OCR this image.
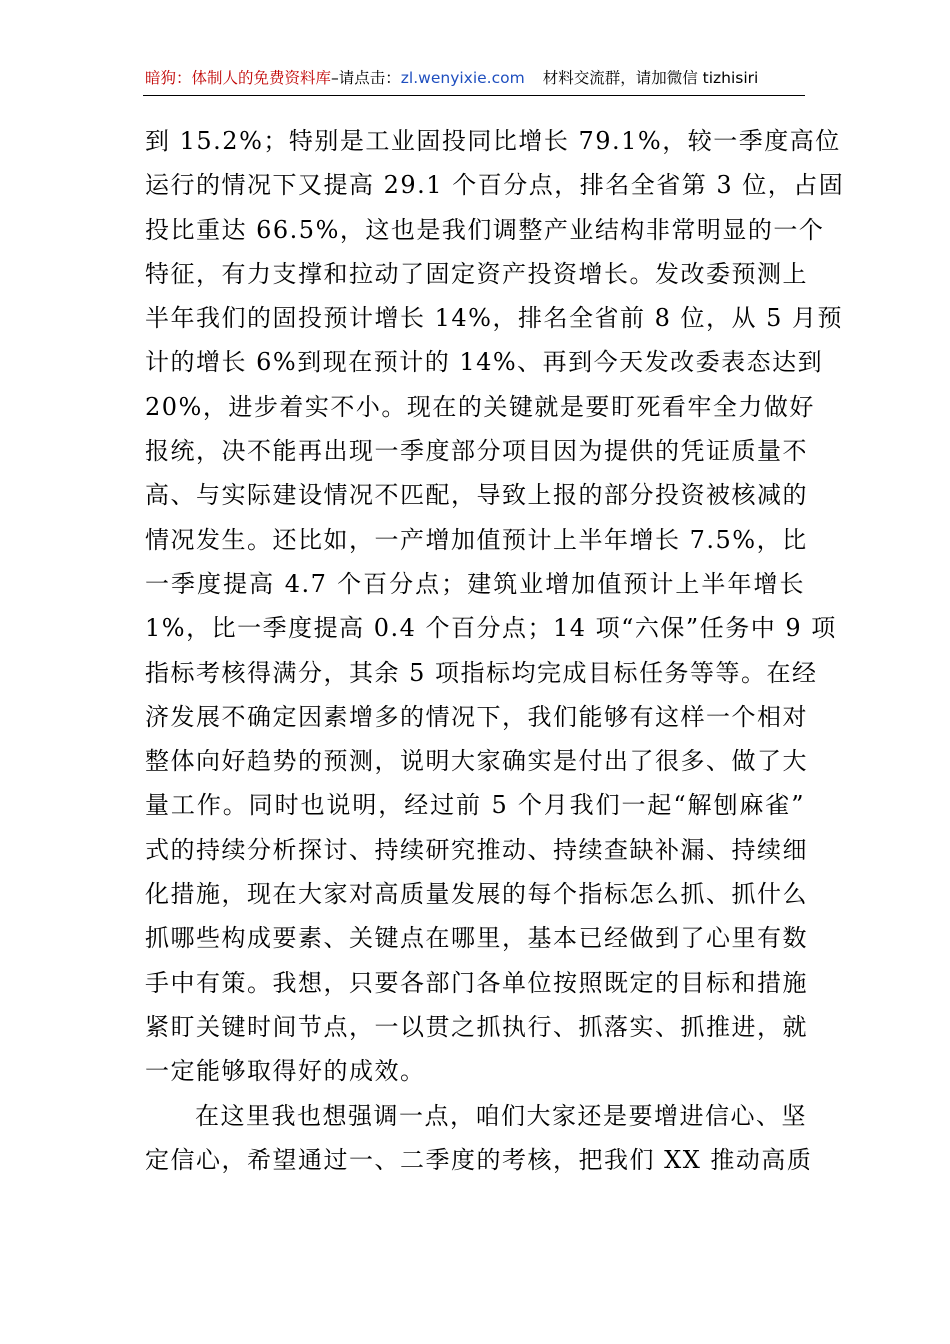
暗狗：体制人的免费资料库 –请点击： zl.wenyixie.com 材料交流群，请加微信 tizhisiri
到 15.2%；特别是工业固投同比增长 79.1%，较一季度高位
运行的情况下又提高 29.1 个百分点，排名全省第 3 位，占固
投比重达 66.5%，这也是我们调整产业结构非常明显的一个
特征，有力支撑和拉动了固定资产投资增长。发改委预测上
半年我们的固投预计增长 14%，排名全省前 8 位，从 5 月预
计的增长 6%到现在预计的 14%、再到今天发改委表态达到
20%，进步着实不小。现在的关键就是要盯死看牢全力做好
报统，决不能再出现一季度部分项目因为提供的凭证质量不
高、与实际建设情况不匹配，导致上报的部分投资被核减的
情况发生。还比如，一产增加值预计上半年增长 7.5%，比
一季度提高 4.7 个百分点；建筑业增加值预计上半年增长
1%，比一季度提高 0.4 个百分点；14 项“六保”任务中 9 项
指标考核得满分，其余 5 项指标均完成目标任务等等。在经
济发展不确定因素增多的情况下，我们能够有这样一个相对
整体向好趋势的预测，说明大家确实是付出了很多、做了大
量工作。同时也说明，经过前 5 个月我们一起“解刨麻雀”
式的持续分析探讨、持续研究推动、持续查缺补漏、持续细
化措施，现在大家对高质量发展的每个指标怎么抓、抓什么
抓哪些构成要素、关键点在哪里，基本已经做到了心里有数
手中有策。我想，只要各部门各单位按照既定的目标和措施
紧盯关键时间节点，一以贯之抓执行、抓落实、抓推进，就
一定能够取得好的成效。
在这里我也想强调一点，咱们大家还是要增进信心、坚
定信心，希望通过一、二季度的考核，把我们 XX 推动高质
